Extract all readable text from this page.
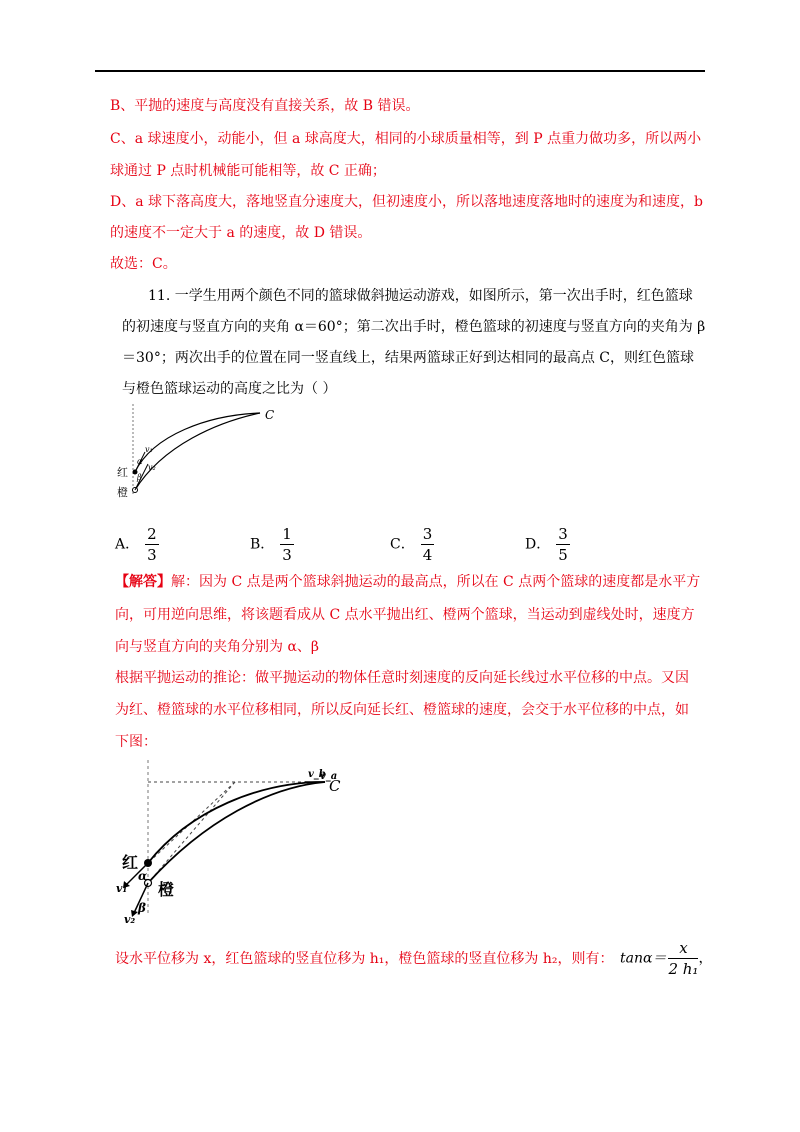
B、平抛的速度与高度没有直接关系，故 B 错误。
C、a 球速度小，动能小，但 a 球高度大，相同的小球质量相等，到 P 点重力做功多，所以两小
球通过 P 点时机械能可能相等，故 C 正确；
D、a 球下落高度大，落地竖直分速度大，但初速度小，所以落地速度落地时的速度为和速度，b
的速度不一定大于 a 的速度，故 D 错误。
故选：C。
11. 一学生用两个颜色不同的篮球做斜抛运动游戏，如图所示，第一次出手时，红色篮球
的初速度与竖直方向的夹角 α＝60°；第二次出手时，橙色篮球的初速度与竖直方向的夹角为 β
＝30°；两次出手的位置在同一竖直线上，结果两篮球正好到达相同的最高点 C，则红色篮球
与橙色篮球运动的高度之比为（ ）
C
红
橙
v₁
v₂
α
β
A． $\frac{2}{3}$	B． $\frac{1}{3}$	C． $\frac{3}{4}$	D． $\frac{3}{5}$
【解答】解：因为 C 点是两个篮球斜抛运动的最高点，所以在 C 点两个篮球的速度都是水平方
向，可用逆向思维，将该题看成从 C 点水平抛出红、橙两个篮球，当运动到虚线处时，速度方
向与竖直方向的夹角分别为 α、β
根据平抛运动的推论：做平抛运动的物体任意时刻速度的反向延长线过水平位移的中点。又因
为红、橙篮球的水平位移相同，所以反向延长红、橙篮球的速度，会交于水平位移的中点，如
下图：
C
v_b
v_a
红
橙
v₁
v₂
α
β
设水平位移为 x，红色篮球的竖直位移为 h₁，橙色篮球的竖直位移为 h₂，则有： $\tan\alpha= \frac{x}{\text{2 h₁}}$ ，
